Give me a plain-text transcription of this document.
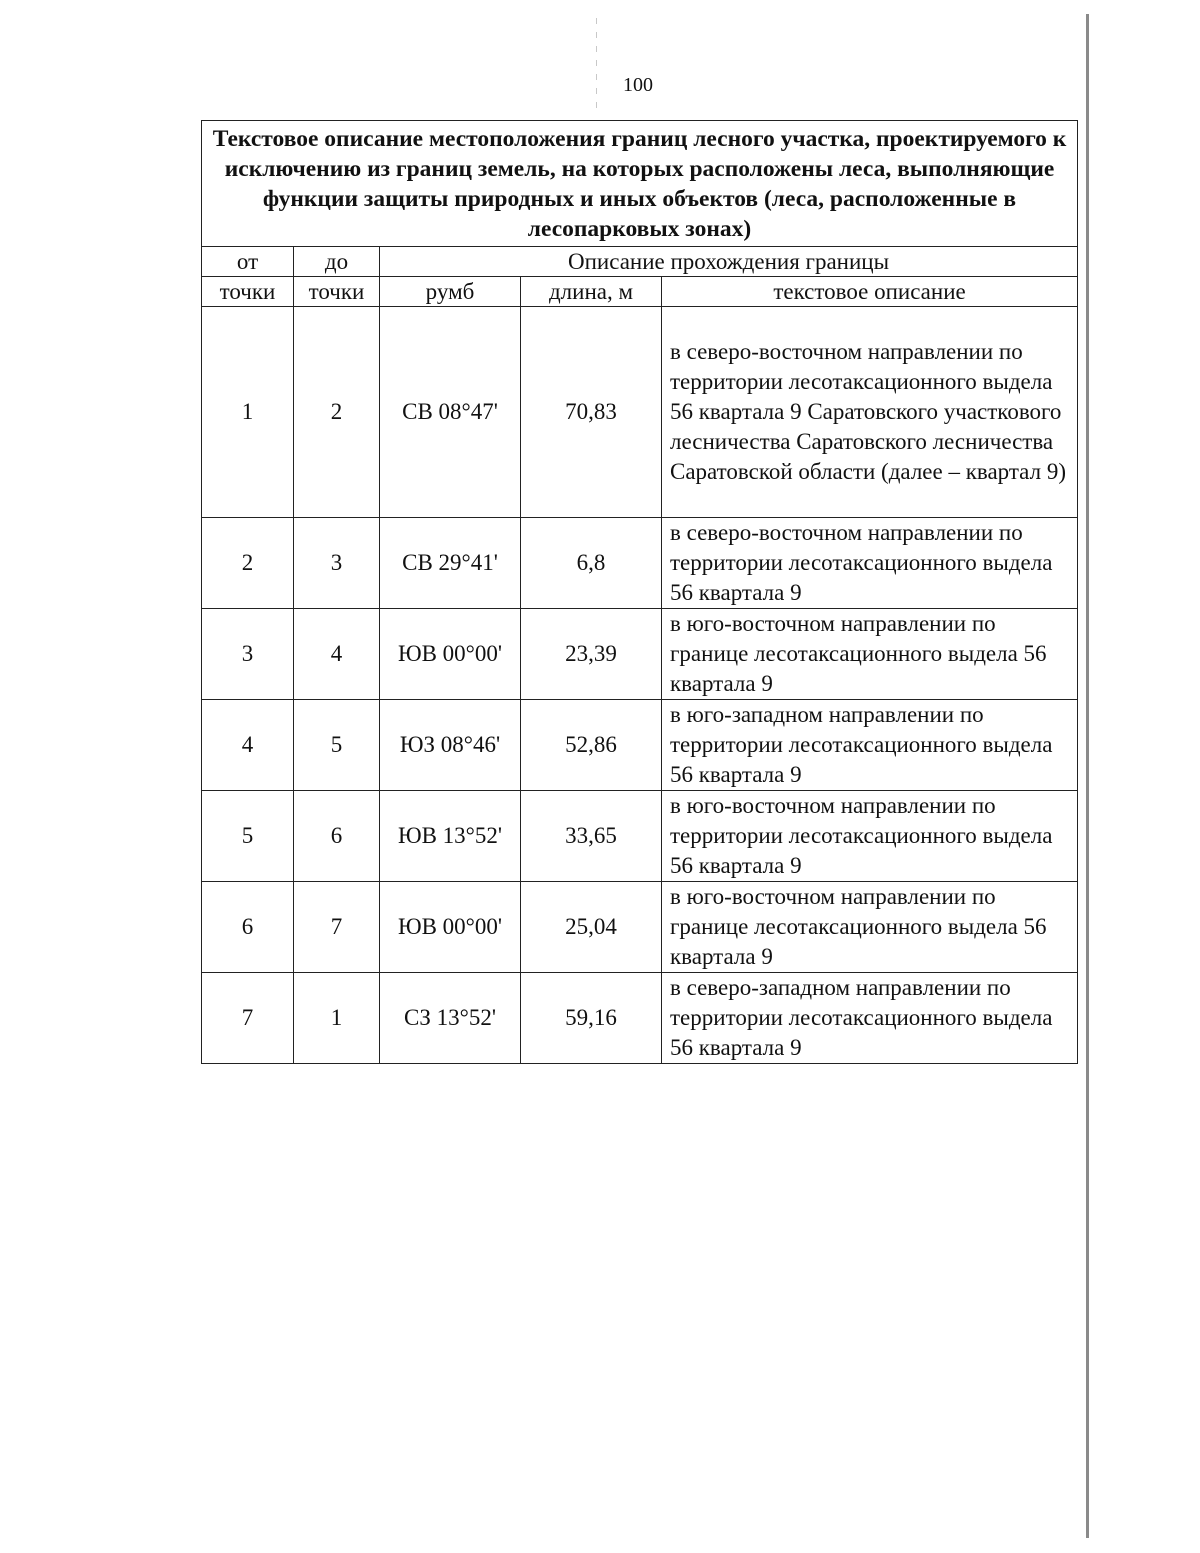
100
Текстовое описание местоположения границ лесного участка, проектируемого к исключению из границ земель, на которых расположены леса, выполняющие функции защиты природных и иных объектов (леса, расположенные в лесопарковых зонах)				
от	до	Описание прохождения границы		
точки	точки	румб	длина, м	текстовое описание
1	2	СВ 08°47'	70,83	в северо-восточном направлении по территории лесотаксационного выдела 56 квартала 9 Саратовского участкового лесничества Саратовского лесничества Саратовской области (далее – квартал 9)
2	3	СВ 29°41'	6,8	в северо-восточном направлении по территории лесотаксационного выдела 56 квартала 9
3	4	ЮВ 00°00'	23,39	в юго-восточном направлении по границе лесотаксационного выдела 56 квартала 9
4	5	ЮЗ 08°46'	52,86	в юго-западном направлении по территории лесотаксационного выдела 56 квартала 9
5	6	ЮВ 13°52'	33,65	в юго-восточном направлении по территории лесотаксационного выдела 56 квартала 9
6	7	ЮВ 00°00'	25,04	в юго-восточном направлении по границе лесотаксационного выдела 56 квартала 9
7	1	СЗ 13°52'	59,16	в северо-западном направлении по территории лесотаксационного выдела 56 квартала 9
